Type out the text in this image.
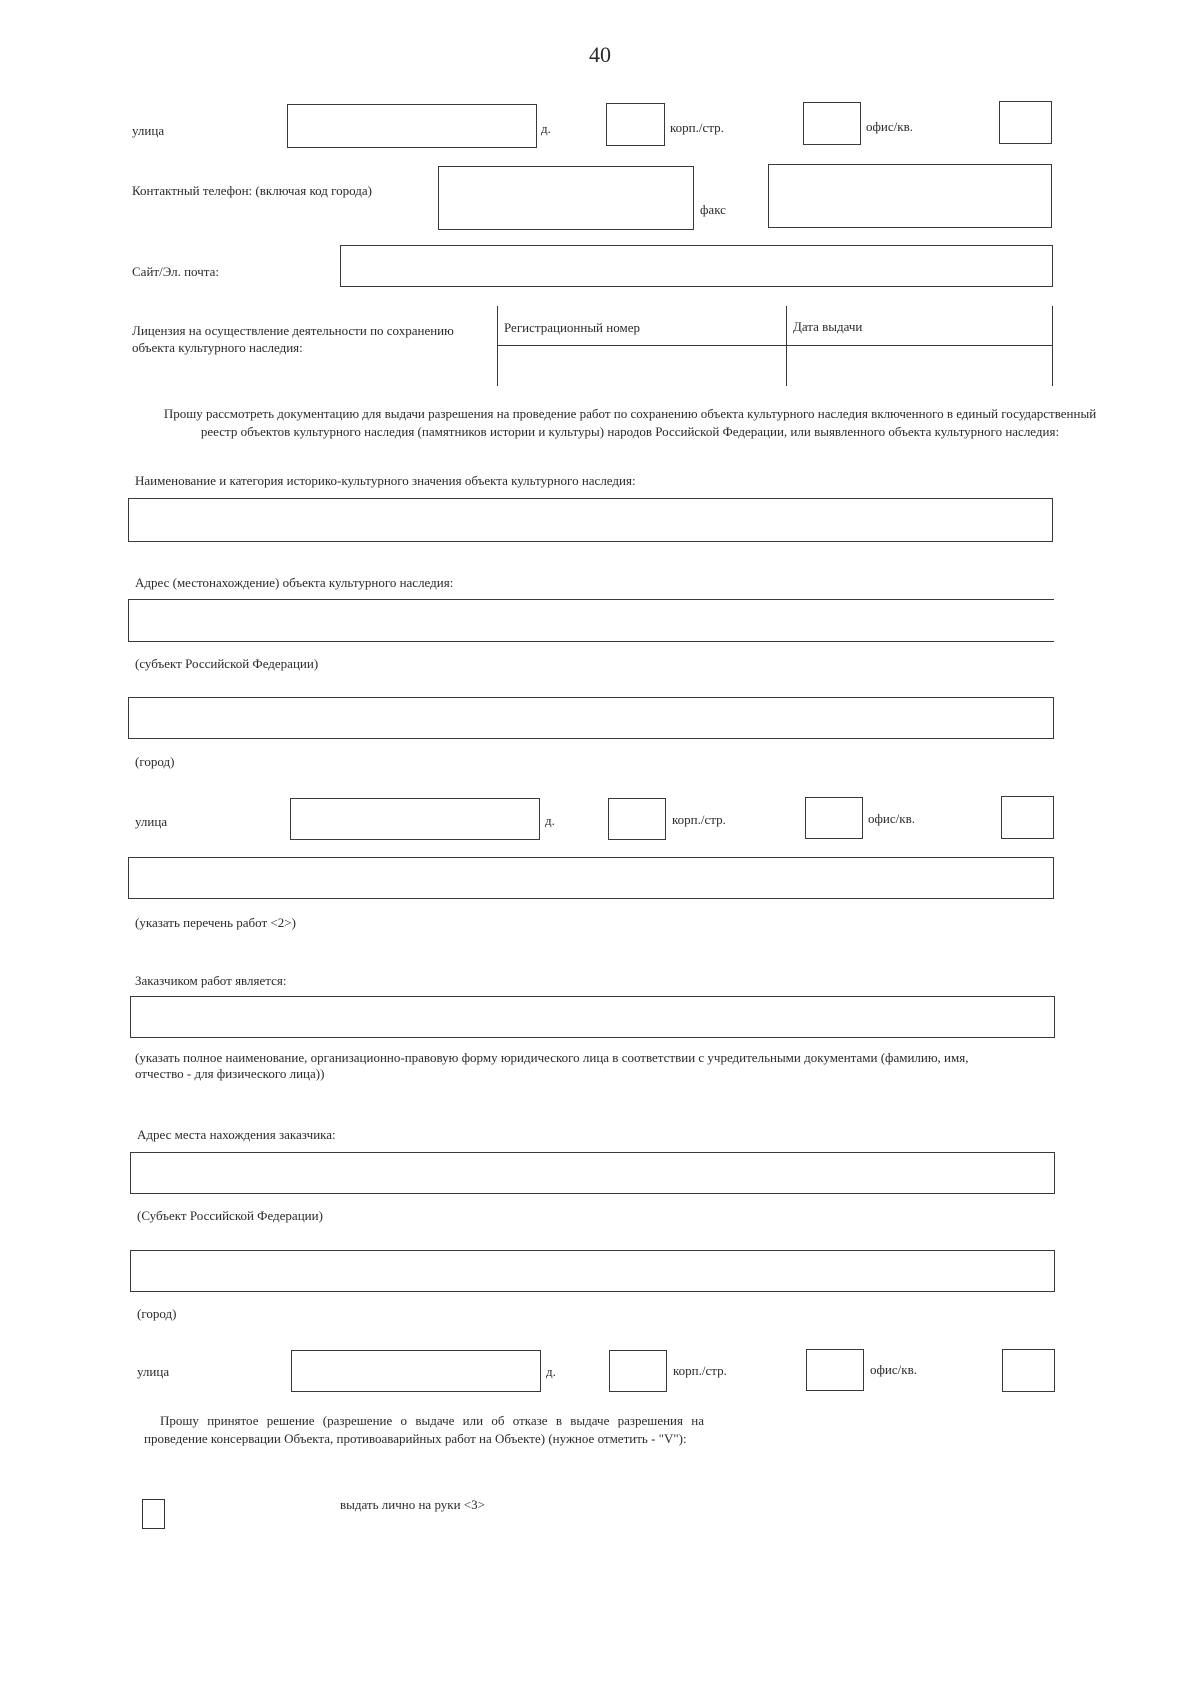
40
улица	д.	корп./стр.	офис/кв.
Контактный телефон: (включая код города)
факс
Сайт/Эл. почта:
Лицензия на осуществление деятельности по сохранению объекта культурного наследия:
Регистрационный номер	Дата выдачи
Прошу рассмотреть документацию для выдачи разрешения на проведение работ по сохранению объекта культурного наследия включенного в единый государственный реестр объектов культурного наследия (памятников истории и культуры) народов Российской Федерации, или выявленного объекта культурного наследия:
Наименование и категория историко-культурного значения объекта культурного наследия:
Адрес (местонахождение) объекта культурного наследия:
(субъект Российской Федерации)
(город)
улица	д.	корп./стр.	офис/кв.
(указать перечень работ <2>)
Заказчиком работ является:
(указать полное наименование, организационно-правовую форму юридического лица в соответствии с учредительными документами (фамилию, имя, отчество - для физического лица))
Адрес места нахождения заказчика:
(Субъект Российской Федерации)
(город)
улица	д.	корп./стр.	офис/кв.
Прошу принятое решение (разрешение о выдаче или об отказе в выдаче разрешения на проведение консервации Объекта, противоаварийных работ на Объекте) (нужное отметить - "V"):
выдать лично на руки <3>
